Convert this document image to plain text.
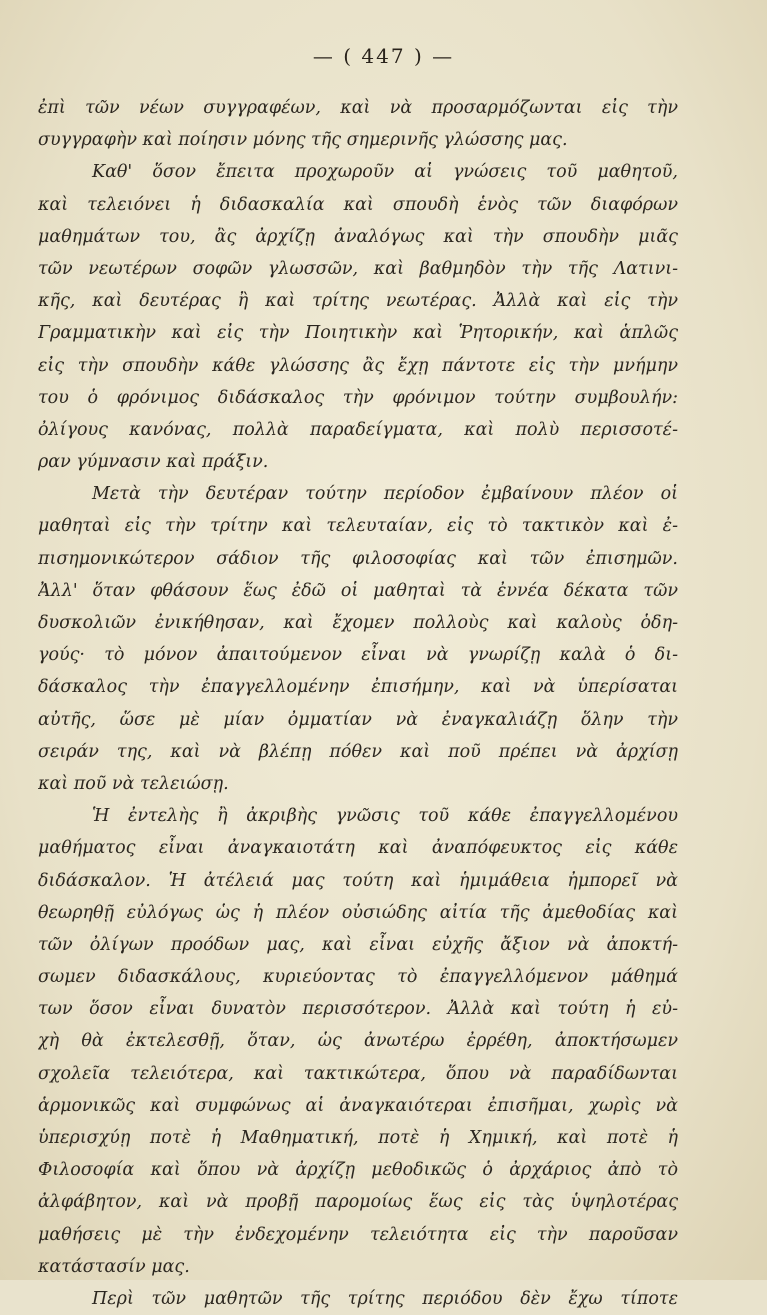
— ( 447 ) —
ἐπὶ τῶν νέων συγγραφέων, καὶ νὰ προσαρμόζωνται εἰς τὴν
συγγραφὴν καὶ ποίησιν μόνης τῆς σημερινῆς γλώσσης μας.
Καθ' ὅσον ἔπειτα προχωροῦν αἱ γνώσεις τοῦ μαθητοῦ,
καὶ τελειόνει ἡ διδασκαλία καὶ σπουδὴ ἑνὸς τῶν διαφόρων
μαθημάτων του, ἂς ἀρχίζῃ ἀναλόγως καὶ τὴν σπουδὴν μιᾶς
τῶν νεωτέρων σοφῶν γλωσσῶν, καὶ βαθμηδὸν τὴν τῆς Λατινι-
κῆς, καὶ δευτέρας ἢ καὶ τρίτης νεωτέρας. Ἀλλὰ καὶ εἰς τὴν
Γραμματικὴν καὶ εἰς τὴν Ποιητικὴν καὶ Ῥητορικήν, καὶ ἁπλῶς
εἰς τὴν σπουδὴν κάθε γλώσσης ἂς ἔχῃ πάντοτε εἰς τὴν μνήμην
του ὁ φρόνιμος διδάσκαλος τὴν φρόνιμον τούτην συμβουλήν:
ὀλίγους κανόνας, πολλὰ παραδείγματα, καὶ πολὺ περισσοτέ-
ραν γύμνασιν καὶ πράξιν.
Μετὰ τὴν δευτέραν τούτην περίοδον ἐμβαίνουν πλέον οἱ
μαθηταὶ εἰς τὴν τρίτην καὶ τελευταίαν, εἰς τὸ τακτικὸν καὶ ἐ-
πισημονικώτερον σάδιον τῆς φιλοσοφίας καὶ τῶν ἐπισημῶν.
Ἀλλ' ὅταν φθάσουν ἕως ἐδῶ οἱ μαθηταὶ τὰ ἐννέα δέκατα τῶν
δυσκολιῶν ἐνικήθησαν, καὶ ἔχομεν πολλοὺς καὶ καλοὺς ὁδη-
γούς· τὸ μόνον ἀπαιτούμενον εἶναι νὰ γνωρίζῃ καλὰ ὁ δι-
δάσκαλος τὴν ἐπαγγελλομένην ἐπισήμην, καὶ νὰ ὑπερίσαται
αὐτῆς, ὥσε μὲ μίαν ὀμματίαν νὰ ἐναγκαλιάζῃ ὅλην τὴν
σειράν της, καὶ νὰ βλέπῃ πόθεν καὶ ποῦ πρέπει νὰ ἀρχίσῃ
καὶ ποῦ νὰ τελειώσῃ.
Ἡ ἐντελὴς ἢ ἀκριβὴς γνῶσις τοῦ κάθε ἐπαγγελλομένου
μαθήματος εἶναι ἀναγκαιοτάτη καὶ ἀναπόφευκτος εἰς κάθε
διδάσκαλον. Ἡ ἀτέλειά μας τούτη καὶ ἡμιμάθεια ἠμπορεῖ νὰ
θεωρηθῇ εὐλόγως ὡς ἡ πλέον οὐσιώδης αἰτία τῆς ἀμεθοδίας καὶ
τῶν ὀλίγων προόδων μας, καὶ εἶναι εὐχῆς ἄξιον νὰ ἀποκτή-
σωμεν διδασκάλους, κυριεύοντας τὸ ἐπαγγελλόμενον μάθημά
των ὅσον εἶναι δυνατὸν περισσότερον. Ἀλλὰ καὶ τούτη ἡ εὐ-
χὴ θὰ ἐκτελεσθῇ, ὅταν, ὡς ἀνωτέρω ἐρρέθη, ἀποκτήσωμεν
σχολεῖα τελειότερα, καὶ τακτικώτερα, ὅπου νὰ παραδίδωνται
ἁρμονικῶς καὶ συμφώνως αἱ ἀναγκαιότεραι ἐπισῆμαι, χωρὶς νὰ
ὑπερισχύῃ ποτὲ ἡ Μαθηματική, ποτὲ ἡ Χημική, καὶ ποτὲ ἡ
Φιλοσοφία καὶ ὅπου νὰ ἀρχίζῃ μεθοδικῶς ὁ ἀρχάριος ἀπὸ τὸ
ἀλφάβητον, καὶ νὰ προβῇ παρομοίως ἕως εἰς τὰς ὑψηλοτέρας
μαθήσεις μὲ τὴν ἐνδεχομένην τελειότητα εἰς τὴν παροῦσαν
κατάστασίν μας.
Περὶ τῶν μαθητῶν τῆς τρίτης περιόδου δὲν ἔχω τίποτε
